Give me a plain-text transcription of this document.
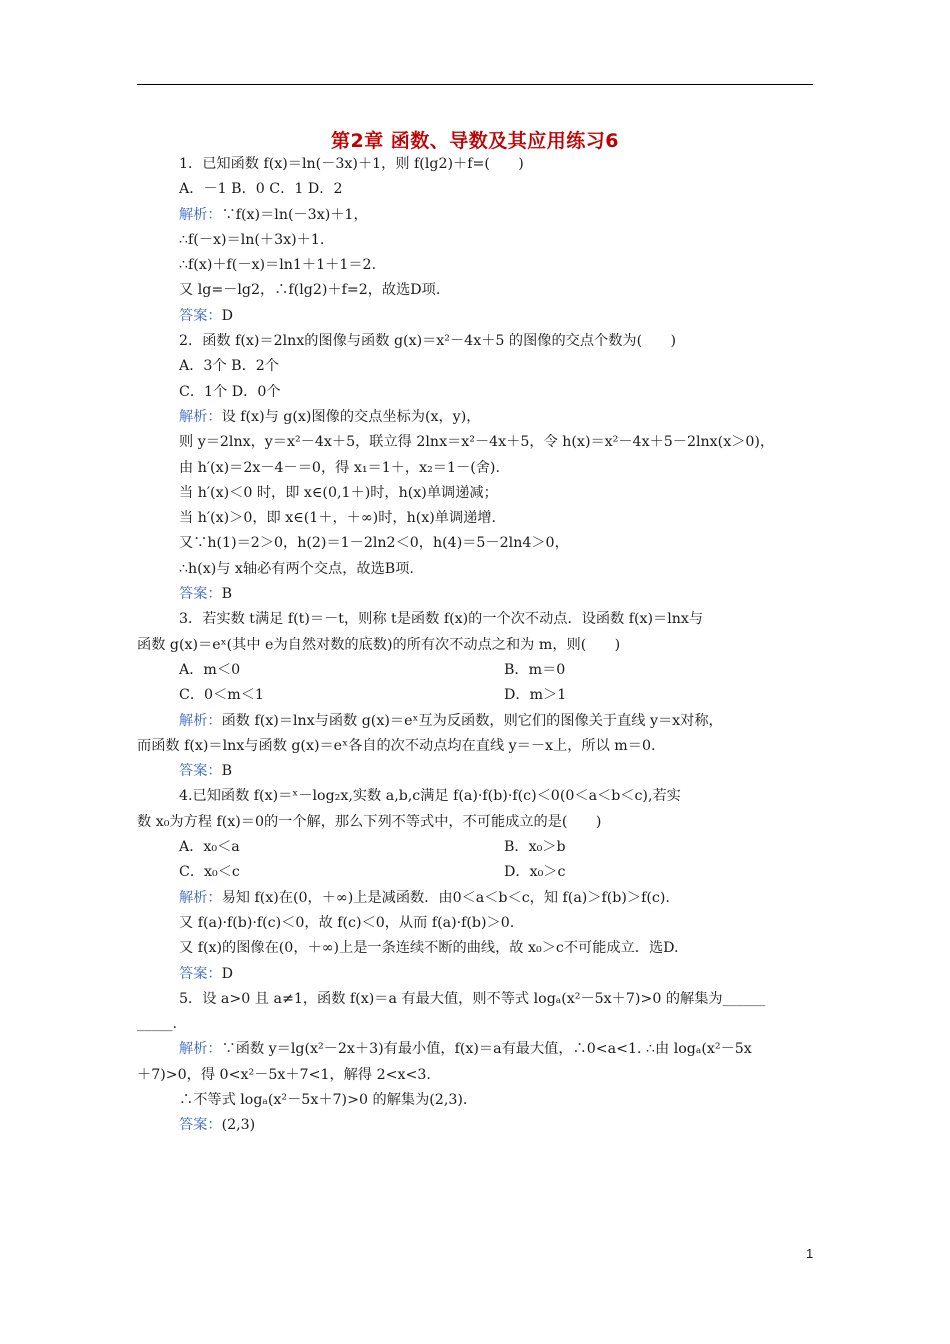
第2章 函数、导数及其应用练习6
1．已知函数 f(x)＝ln(－3x)＋1，则 f(lg2)＋f=(　　)
A．－1 B．0 C．1 D．2
解析：∵f(x)＝ln(－3x)＋1，
∴f(－x)＝ln(＋3x)＋1.
∴f(x)＋f(－x)＝ln1＋1＋1＝2.
又 lg=－lg2，∴f(lg2)＋f=2，故选D项.
答案：D
2．函数 f(x)＝2lnx的图像与函数 g(x)＝x²－4x＋5 的图像的交点个数为(　　)
A．3个 B．2个
C．1个 D．0个
解析：设 f(x)与 g(x)图像的交点坐标为(x，y)，
则 y＝2lnx，y＝x²－4x＋5，联立得 2lnx＝x²－4x＋5，令 h(x)＝x²－4x＋5－2lnx(x＞0)，
由 h′(x)＝2x－4－＝0，得 x₁＝1＋，x₂＝1－(舍).
当 h′(x)＜0 时，即 x∈(0,1＋)时，h(x)单调递减；
当 h′(x)＞0，即 x∈(1＋，＋∞)时，h(x)单调递增.
又∵h(1)＝2＞0，h(2)＝1－2ln2＜0，h(4)＝5－2ln4＞0，
∴h(x)与 x轴必有两个交点，故选B项.
答案：B
3．若实数 t满足 f(t)＝－t，则称 t是函数 f(x)的一个次不动点．设函数 f(x)＝lnx与
函数 g(x)＝eˣ(其中 e为自然对数的底数)的所有次不动点之和为 m，则(　　)
A．m＜0	B．m＝0
C．0＜m＜1	D．m＞1
解析：函数 f(x)＝lnx与函数 g(x)＝eˣ互为反函数，则它们的图像关于直线 y＝x对称，
而函数 f(x)＝lnx与函数 g(x)＝eˣ各自的次不动点均在直线 y＝－x上，所以 m＝0.
答案：B
4.已知函数 f(x)＝ˣ－log₂x,实数 a,b,c满足 f(a)·f(b)·f(c)＜0(0＜a＜b＜c),若实
数 x₀为方程 f(x)＝0的一个解，那么下列不等式中，不可能成立的是(　　)
A．x₀＜a	B．x₀＞b
C．x₀＜c	D．x₀＞c
解析：易知 f(x)在(0，＋∞)上是减函数．由0＜a＜b＜c，知 f(a)＞f(b)＞f(c).
又 f(a)·f(b)·f(c)＜0，故 f(c)＜0，从而 f(a)·f(b)＞0.
又 f(x)的图像在(0，＋∞)上是一条连续不断的曲线，故 x₀＞c不可能成立．选D.
答案：D
5．设 a>0 且 a≠1，函数 f(x)＝a 有最大值，则不等式 logₐ(x²－5x＋7)>0 的解集为______
_____.
解析：∵函数 y＝lg(x²－2x＋3)有最小值，f(x)＝a有最大值，∴0<a<1. ∴由 logₐ(x²－5x
＋7)>0，得 0<x²－5x＋7<1，解得 2<x<3.
∴不等式 logₐ(x²－5x＋7)>0 的解集为(2,3).
答案：(2,3)
1
